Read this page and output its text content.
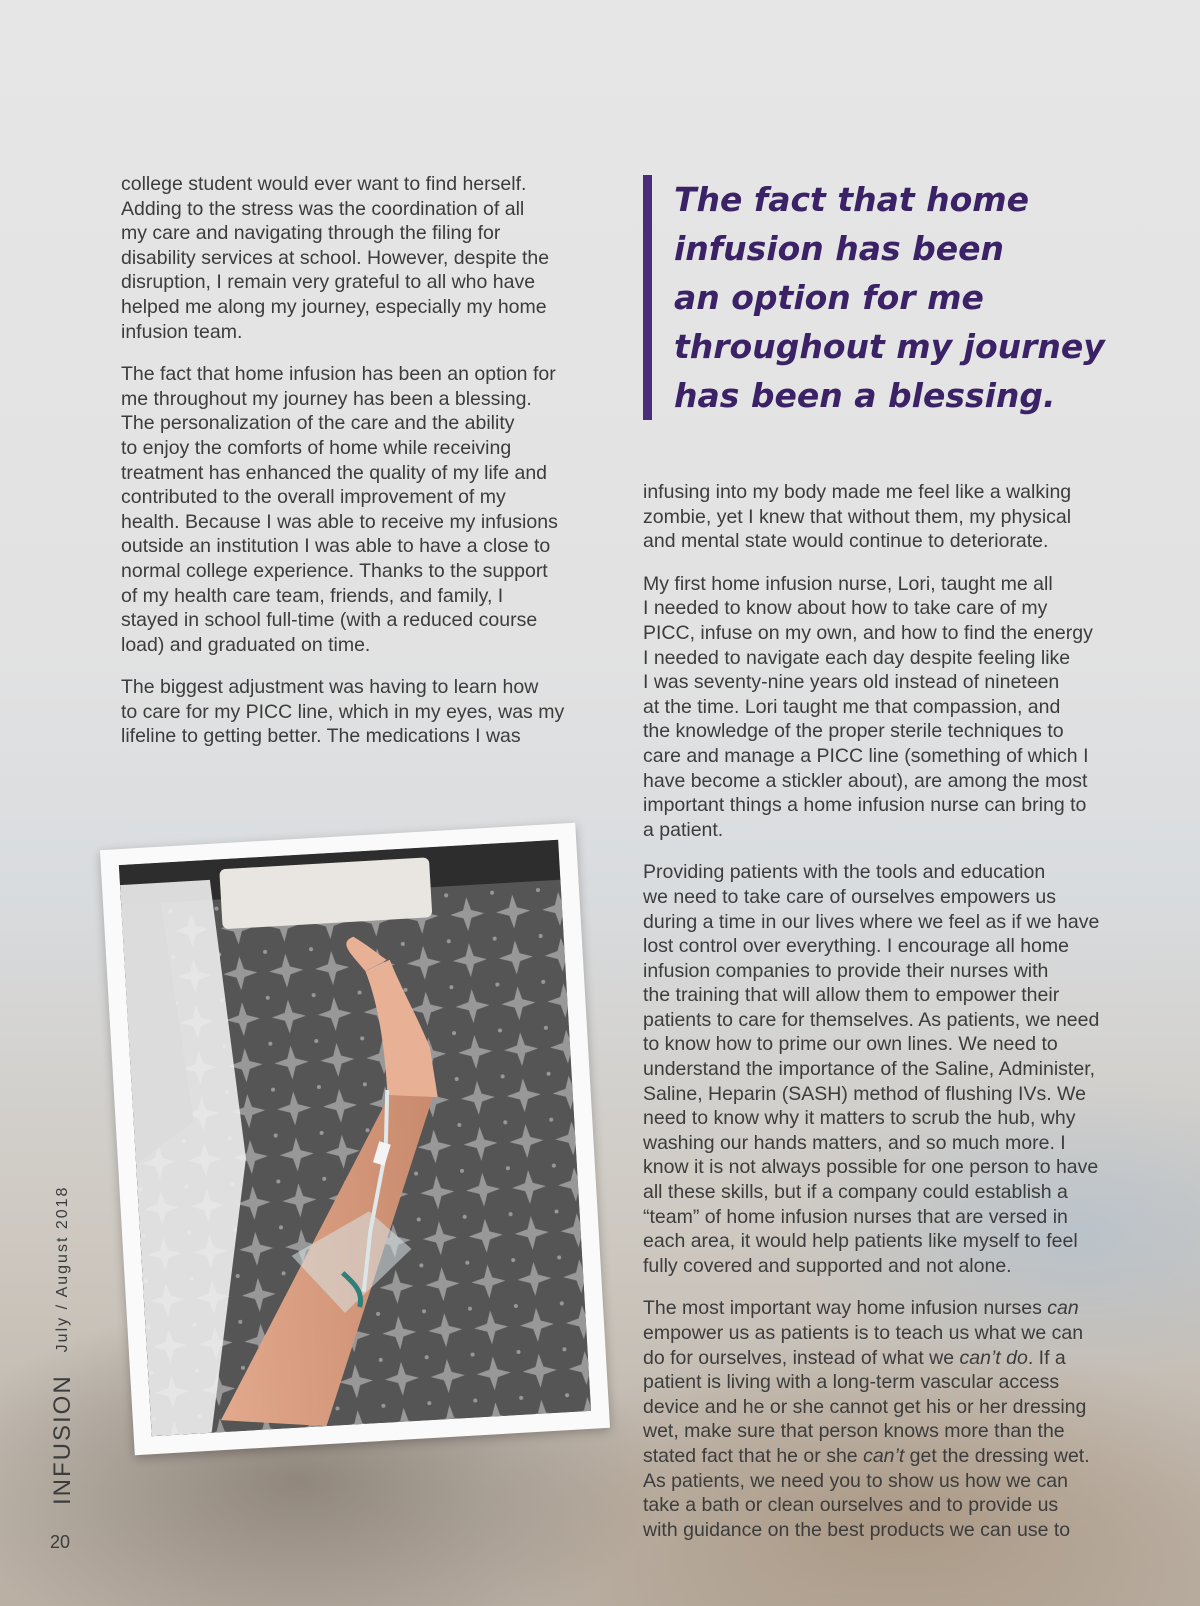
college student would ever want to find herself.
Adding to the stress was the coordination of all
my care and navigating through the filing for
disability services at school. However, despite the
disruption, I remain very grateful to all who have
helped me along my journey, especially my home
infusion team.

The fact that home infusion has been an option for
me throughout my journey has been a blessing.
The personalization of the care and the ability
to enjoy the comforts of home while receiving
treatment has enhanced the quality of my life and
contributed to the overall improvement of my
health. Because I was able to receive my infusions
outside an institution I was able to have a close to
normal college experience. Thanks to the support
of my health care team, friends, and family, I
stayed in school full-time (with a reduced course
load) and graduated on time.

The biggest adjustment was having to learn how
to care for my PICC line, which in my eyes, was my
lifeline to getting better. The medications I was

The fact that home
infusion has been
an option for me
throughout my journey
has been a blessing.

infusing into my body made me feel like a walking
zombie, yet I knew that without them, my physical
and mental state would continue to deteriorate.

My first home infusion nurse, Lori, taught me all
I needed to know about how to take care of my
PICC, infuse on my own, and how to find the energy
I needed to navigate each day despite feeling like
I was seventy-nine years old instead of nineteen
at the time. Lori taught me that compassion, and
the knowledge of the proper sterile techniques to
care and manage a PICC line (something of which I
have become a stickler about), are among the most
important things a home infusion nurse can bring to
a patient.

Providing patients with the tools and education
we need to take care of ourselves empowers us
during a time in our lives where we feel as if we have
lost control over everything. I encourage all home
infusion companies to provide their nurses with
the training that will allow them to empower their
patients to care for themselves. As patients, we need
to know how to prime our own lines. We need to
understand the importance of the Saline, Administer,
Saline, Heparin (SASH) method of flushing IVs. We
need to know why it matters to scrub the hub, why
washing our hands matters, and so much more. I
know it is not always possible for one person to have
all these skills, but if a company could establish a
“team” of home infusion nurses that are versed in
each area, it would help patients like myself to feel
fully covered and supported and not alone.

The most important way home infusion nurses can
empower us as patients is to teach us what we can
do for ourselves, instead of what we can’t do. If a
patient is living with a long-term vascular access
device and he or she cannot get his or her dressing
wet, make sure that person knows more than the
stated fact that he or she can’t get the dressing wet.
As patients, we need you to show us how we can
take a bath or clean ourselves and to provide us
with guidance on the best products we can use to

INFUSION
July / August 2018
20
